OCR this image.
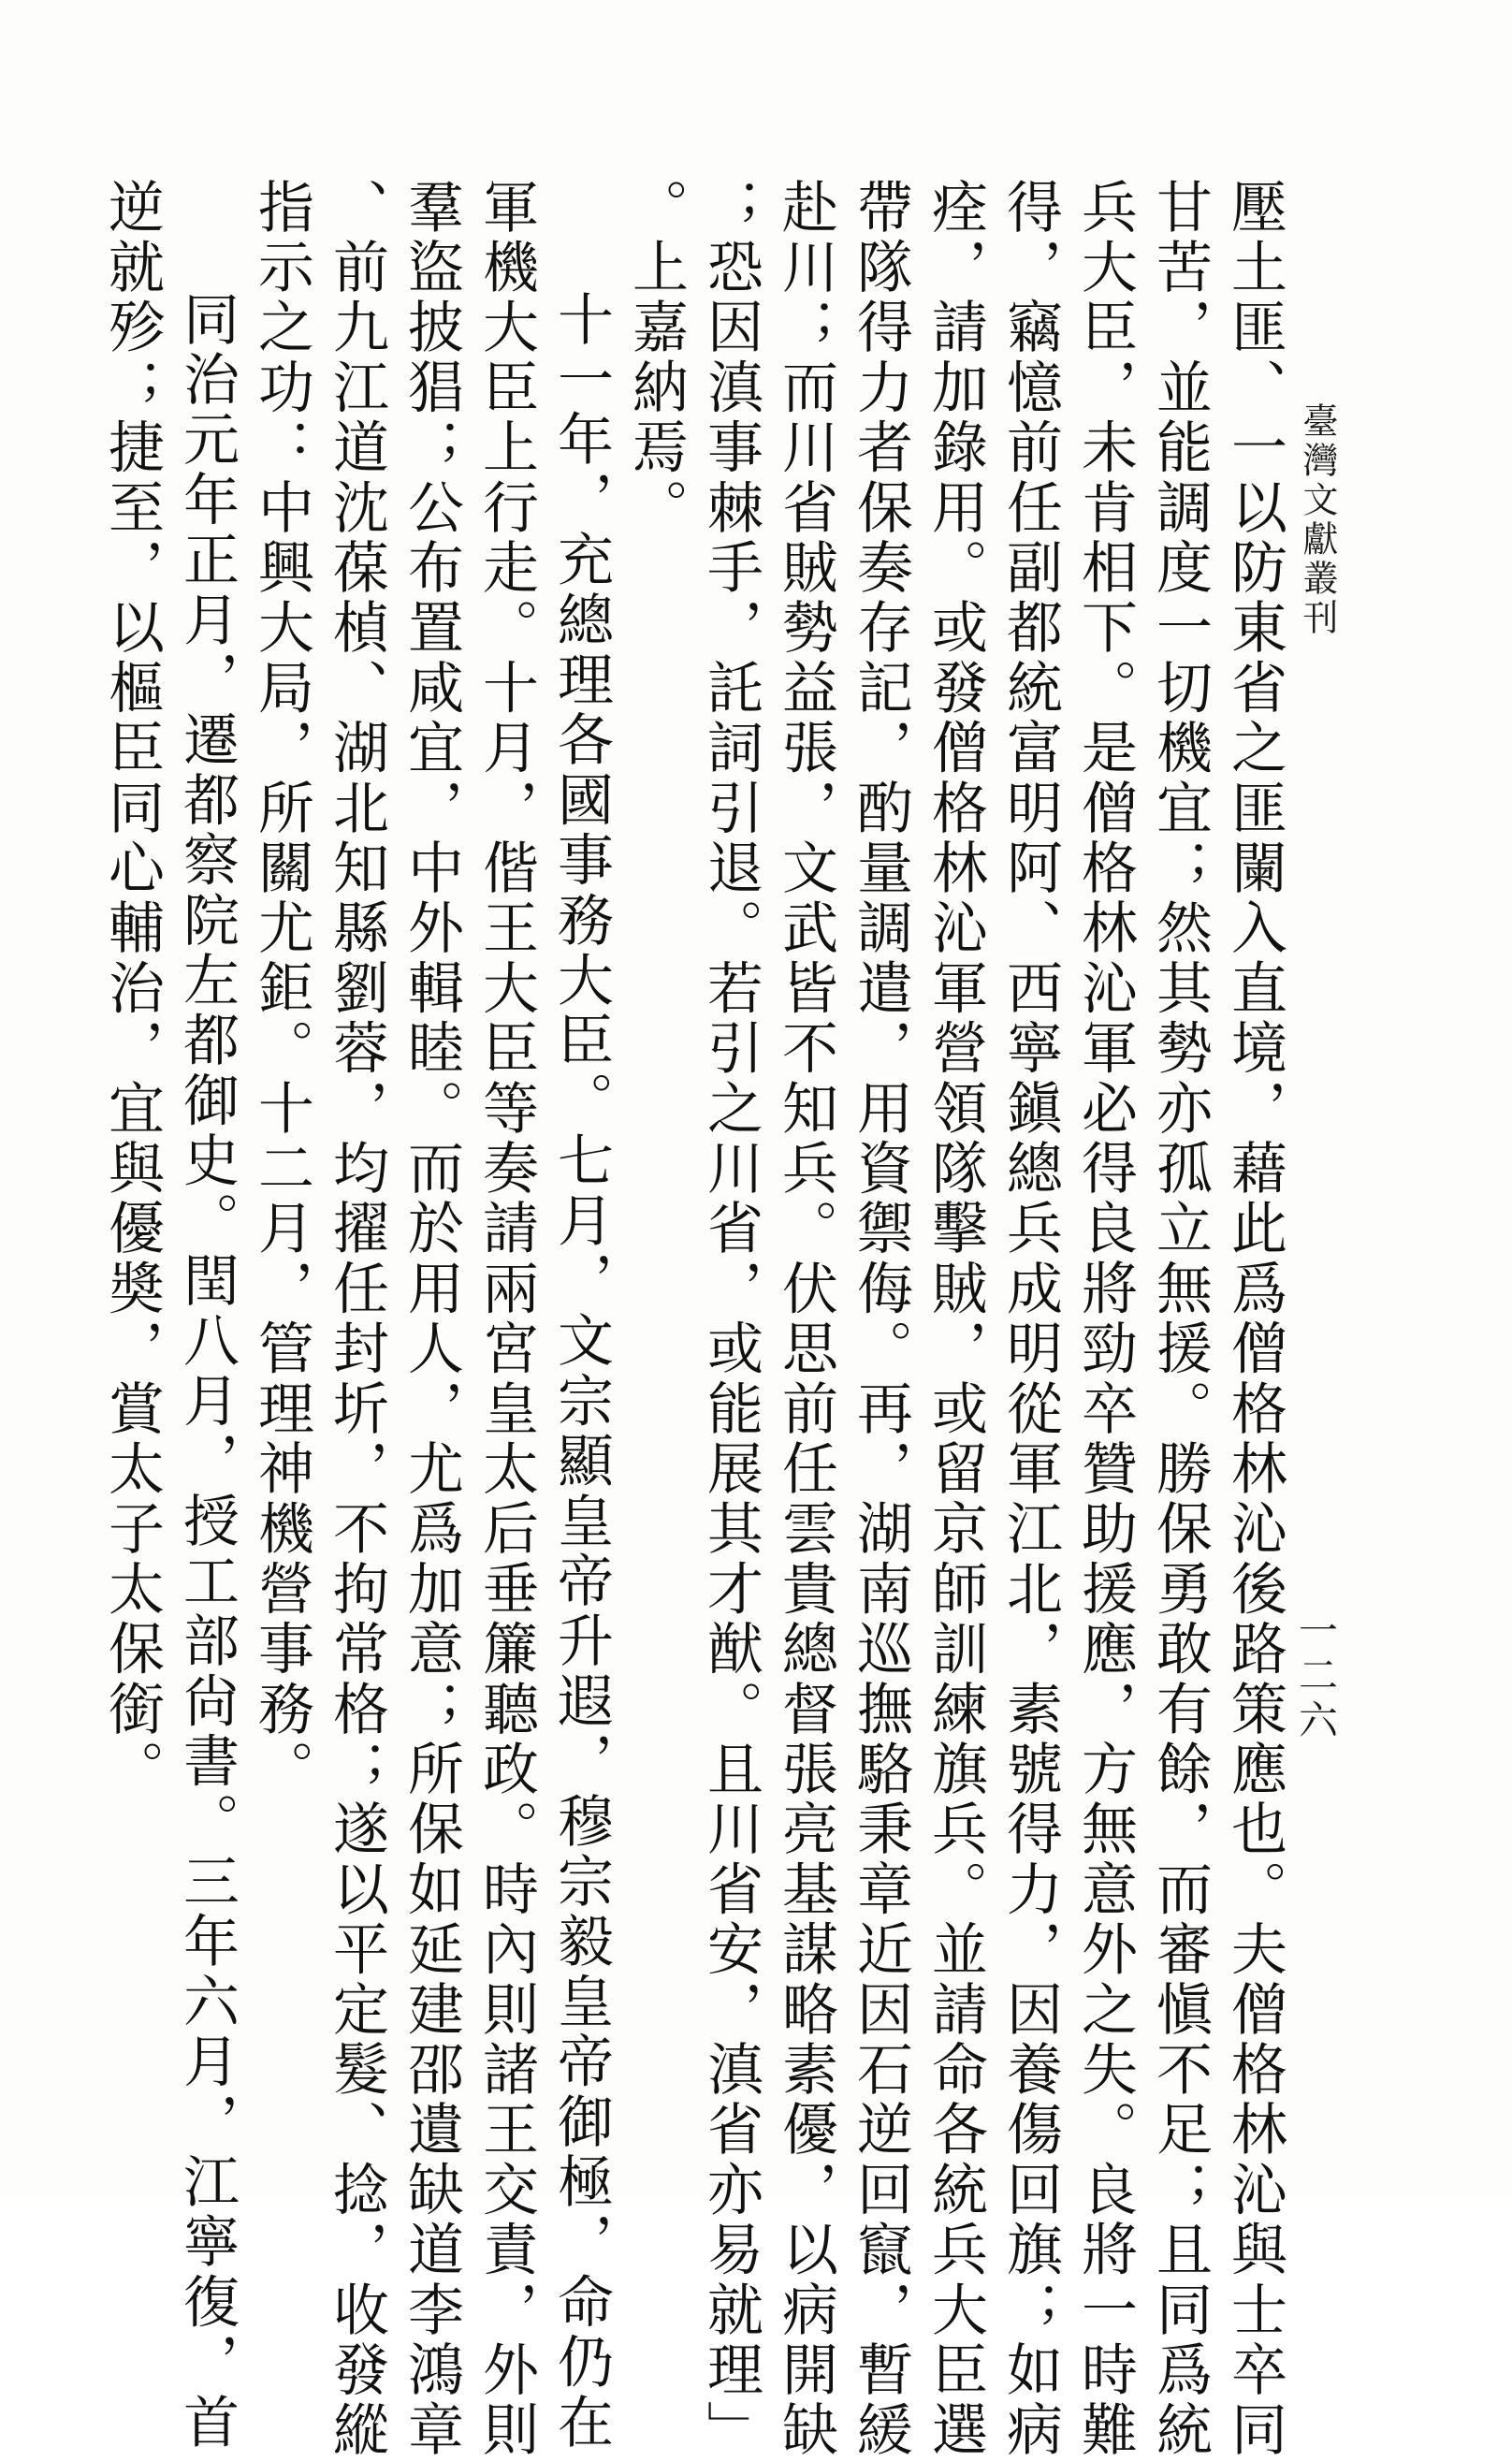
臺灣文獻叢刊
一二六
壓土匪、一以防東省之匪闌入直境，藉此爲僧格林沁後路策應也。夫僧格林沁與士卒同
甘苦，並能調度一切機宜；然其勢亦孤立無援。勝保勇敢有餘，而審愼不足；且同爲統
兵大臣，未肯相下。是僧格林沁軍必得良將勁卒贊助援應，方無意外之失。良將一時難
得，竊憶前任副都統富明阿、西寧鎭總兵成明從軍江北，素號得力，因養傷回旗；如病
痊，請加錄用。或發僧格林沁軍營領隊擊賊，或留京師訓練旗兵。並請命各統兵大臣選
帶隊得力者保奏存記，酌量調遣，用資禦侮。再，湖南巡撫駱秉章近因石逆回竄，暫緩
赴川；而川省賊勢益張，文武皆不知兵。伏思前任雲貴總督張亮基謀略素優，以病開缺
；恐因滇事棘手，託詞引退。若引之川省，或能展其才猷。且川省安，滇省亦易就理」
。上嘉納焉。
十一年，充總理各國事務大臣。七月，文宗顯皇帝升遐，穆宗毅皇帝御極，命仍在
軍機大臣上行走。十月，偕王大臣等奏請兩宮皇太后垂簾聽政。時內則諸王交責，外則
羣盜披猖；公布置咸宜，中外輯睦。而於用人，尤爲加意；所保如延建邵遺缺道李鴻章
、前九江道沈葆楨、湖北知縣劉蓉，均擢任封圻，不拘常格；遂以平定髮、捻，收發縱
指示之功：中興大局，所關尤鉅。十二月，管理神機營事務。
同治元年正月，遷都察院左都御史。閏八月，授工部尙書。三年六月，江寧復，首
逆就殄；捷至，以樞臣同心輔治，宜與優奬，賞太子太保銜。
